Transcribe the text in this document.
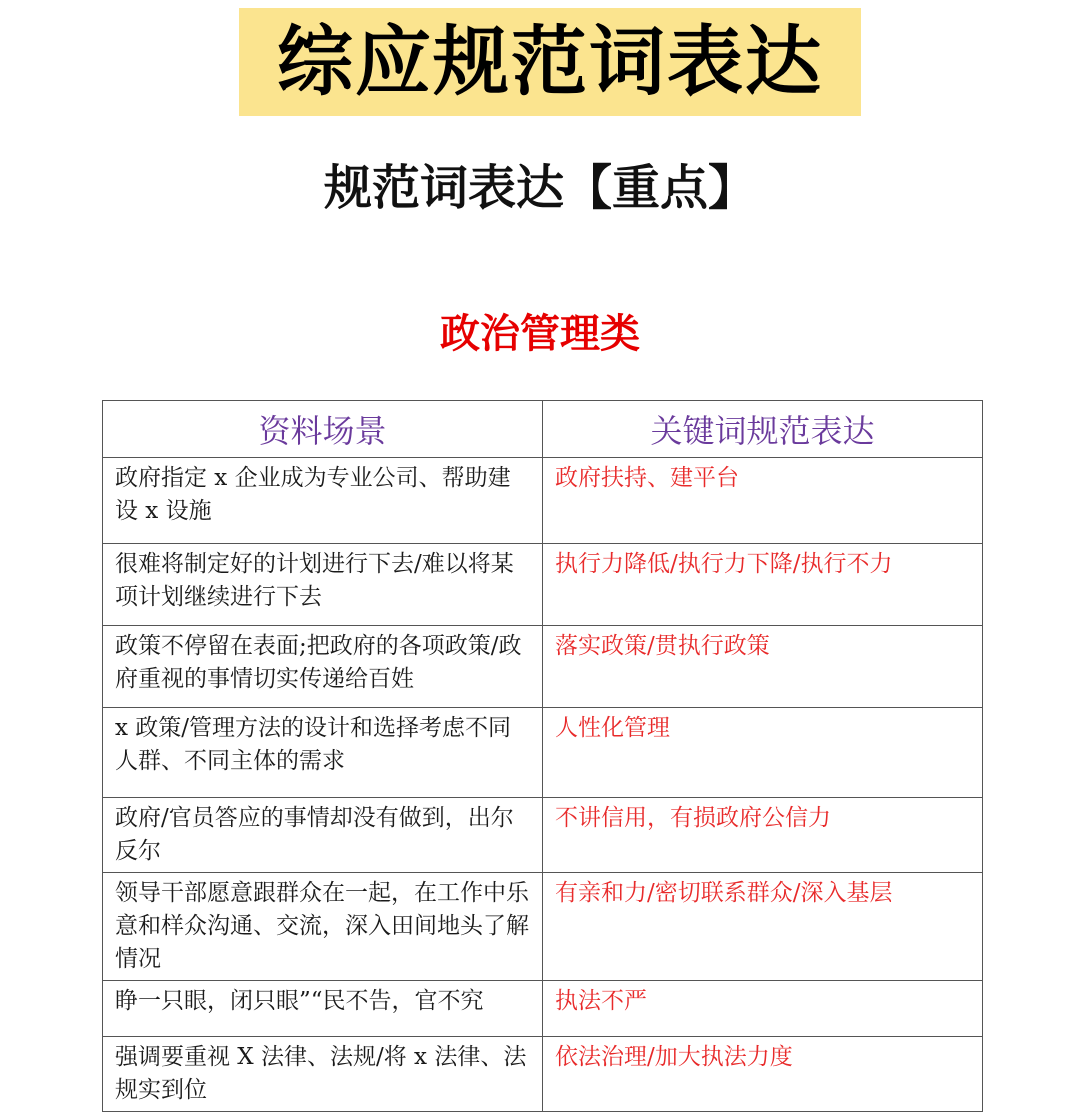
综应规范词表达
规范词表达【重点】
政治管理类
资料场景	关键词规范表达
政府指定 x 企业成为专业公司、帮助建设 x 设施	政府扶持、建平台
很难将制定好的计划进行下去/难以将某项计划继续进行下去	执行力降低/执行力下降/执行不力
政策不停留在表面;把政府的各项政策/政府重视的事情切实传递给百姓	落实政策/贯执行政策
x 政策/管理方法的设计和选择考虑不同人群、不同主体的需求	人性化管理
政府/官员答应的事情却没有做到，出尔反尔	不讲信用，有损政府公信力
领导干部愿意跟群众在一起，在工作中乐意和样众沟通、交流，深入田间地头了解情况	有亲和力/密切联系群众/深入基层
睁一只眼，闭只眼”“民不告，官不究	执法不严
强调要重视 X 法律、法规/将 x 法律、法规实到位	依法治理/加大执法力度
